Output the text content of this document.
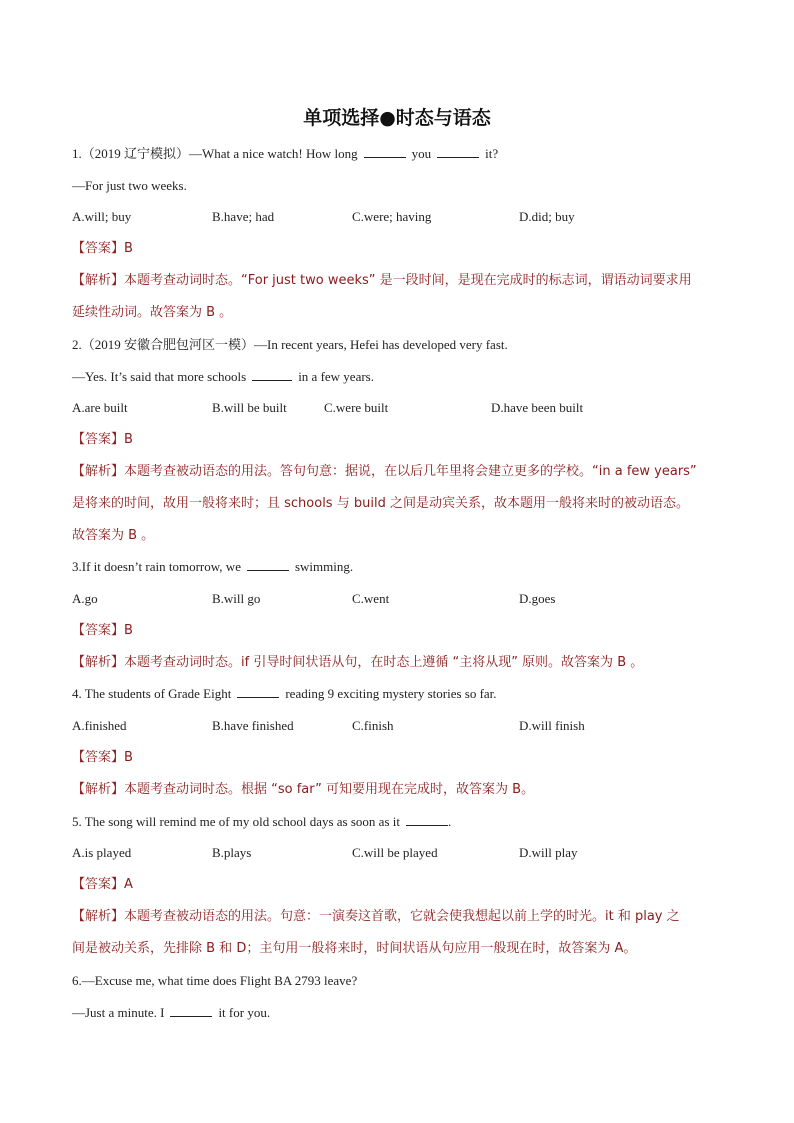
单项选择●时态与语态
1.（2019 辽宁模拟）—What a nice watch! How long	you	it?
—For just two weeks.
A.will; buy	B.have; had	C.were; having	D.did; buy
【答案】B
【解析】本题考查动词时态。“For just two weeks” 是一段时间，是现在完成时的标志词，谓语动词要求用
延续性动词。故答案为 B 。
2.（2019 安徽合肥包河区一模）—In recent years, Hefei has developed very fast.
—Yes. It’s said that more schools	in a few years.
A.are built	B.will be built	C.were built	D.have been built
【答案】B
【解析】本题考查被动语态的用法。答句句意：据说，在以后几年里将会建立更多的学校。“in a few years”
是将来的时间，故用一般将来时；且 schools 与 build 之间是动宾关系，故本题用一般将来时的被动语态。
故答案为 B 。
3.If it doesn’t rain tomorrow, we	swimming.
A.go	B.will go	C.went	D.goes
【答案】B
【解析】本题考查动词时态。if 引导时间状语从句，在时态上遵循 “主将从现” 原则。故答案为 B 。
4. The students of Grade Eight	reading 9 exciting mystery stories so far.
A.finished	B.have finished	C.finish	D.will finish
【答案】B
【解析】本题考查动词时态。根据 “so far” 可知要用现在完成时，故答案为 B。
5. The song will remind me of my old school days as soon as it	.
A.is played	B.plays	C.will be played	D.will play
【答案】A
【解析】本题考查被动语态的用法。句意：一演奏这首歌，它就会使我想起以前上学的时光。it 和 play 之
间是被动关系，先排除 B 和 D；主句用一般将来时，时间状语从句应用一般现在时，故答案为 A。
6.—Excuse me, what time does Flight BA 2793 leave?
—Just a minute. I	it for you.
